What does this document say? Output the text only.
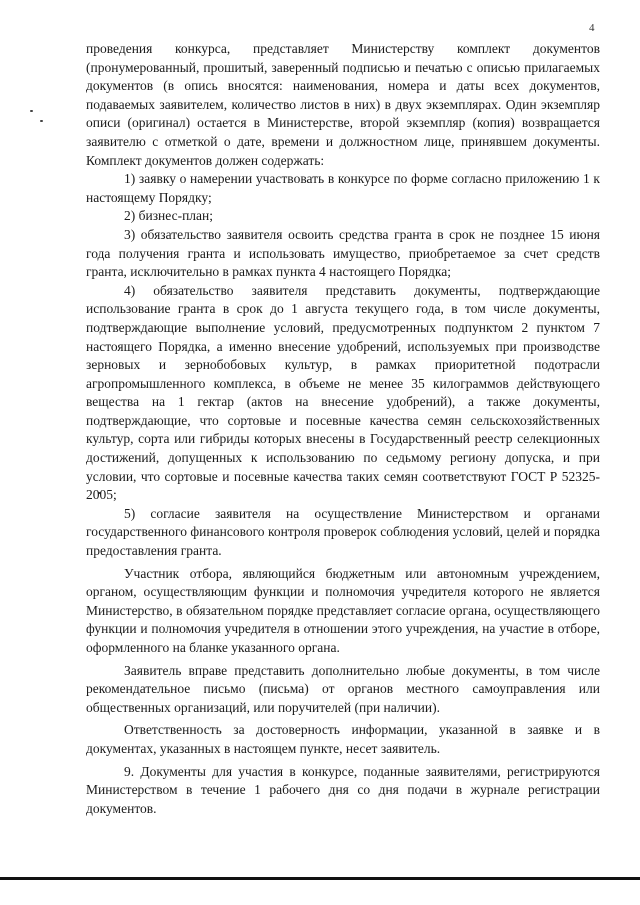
4

проведения конкурса, представляет Министерству комплект документов (пронумерованный, прошитый, заверенный подписью и печатью с описью прилагаемых документов (в опись вносятся: наименования, номера и даты всех документов, подаваемых заявителем, количество листов в них) в двух экземплярах. Один экземпляр описи (оригинал) остается в Министерстве, второй экземпляр (копия) возвращается заявителю с отметкой о дате, времени и должностном лице, принявшем документы. Комплект документов должен содержать:

1) заявку о намерении участвовать в конкурсе по форме согласно приложению 1 к настоящему Порядку;

2) бизнес-план;

3) обязательство заявителя освоить средства гранта в срок не позднее 15 июня года получения гранта и использовать имущество, приобретаемое за счет средств гранта, исключительно в рамках пункта 4 настоящего Порядка;

4) обязательство заявителя представить документы, подтверждающие использование гранта в срок до 1 августа текущего года, в том числе документы, подтверждающие выполнение условий, предусмотренных подпунктом 2 пунктом 7 настоящего Порядка, а именно внесение удобрений, используемых при производстве зерновых и зернобобовых культур, в рамках приоритетной подотрасли агропромышленного комплекса, в объеме не менее 35 килограммов действующего вещества на 1 гектар (актов на внесение удобрений), а также документы, подтверждающие, что сортовые и посевные качества семян сельскохозяйственных культур, сорта или гибриды которых внесены в Государственный реестр селекционных достижений, допущенных к использованию по седьмому региону допуска, и при условии, что сортовые и посевные качества таких семян соответствуют ГОСТ Р 52325-2005;

5) согласие заявителя на осуществление Министерством и органами государственного финансового контроля проверок соблюдения условий, целей и порядка предоставления гранта.

Участник отбора, являющийся бюджетным или автономным учреждением, органом, осуществляющим функции и полномочия учредителя которого не является Министерство, в обязательном порядке представляет согласие органа, осуществляющего функции и полномочия учредителя в отношении этого учреждения, на участие в отборе, оформленного на бланке указанного органа.

Заявитель вправе представить дополнительно любые документы, в том числе рекомендательное письмо (письма) от органов местного самоуправления или общественных организаций, или поручителей (при наличии).

Ответственность за достоверность информации, указанной в заявке и в документах, указанных в настоящем пункте, несет заявитель.

9. Документы для участия в конкурсе, поданные заявителями, регистрируются Министерством в течение 1 рабочего дня со дня подачи в журнале регистрации документов.
